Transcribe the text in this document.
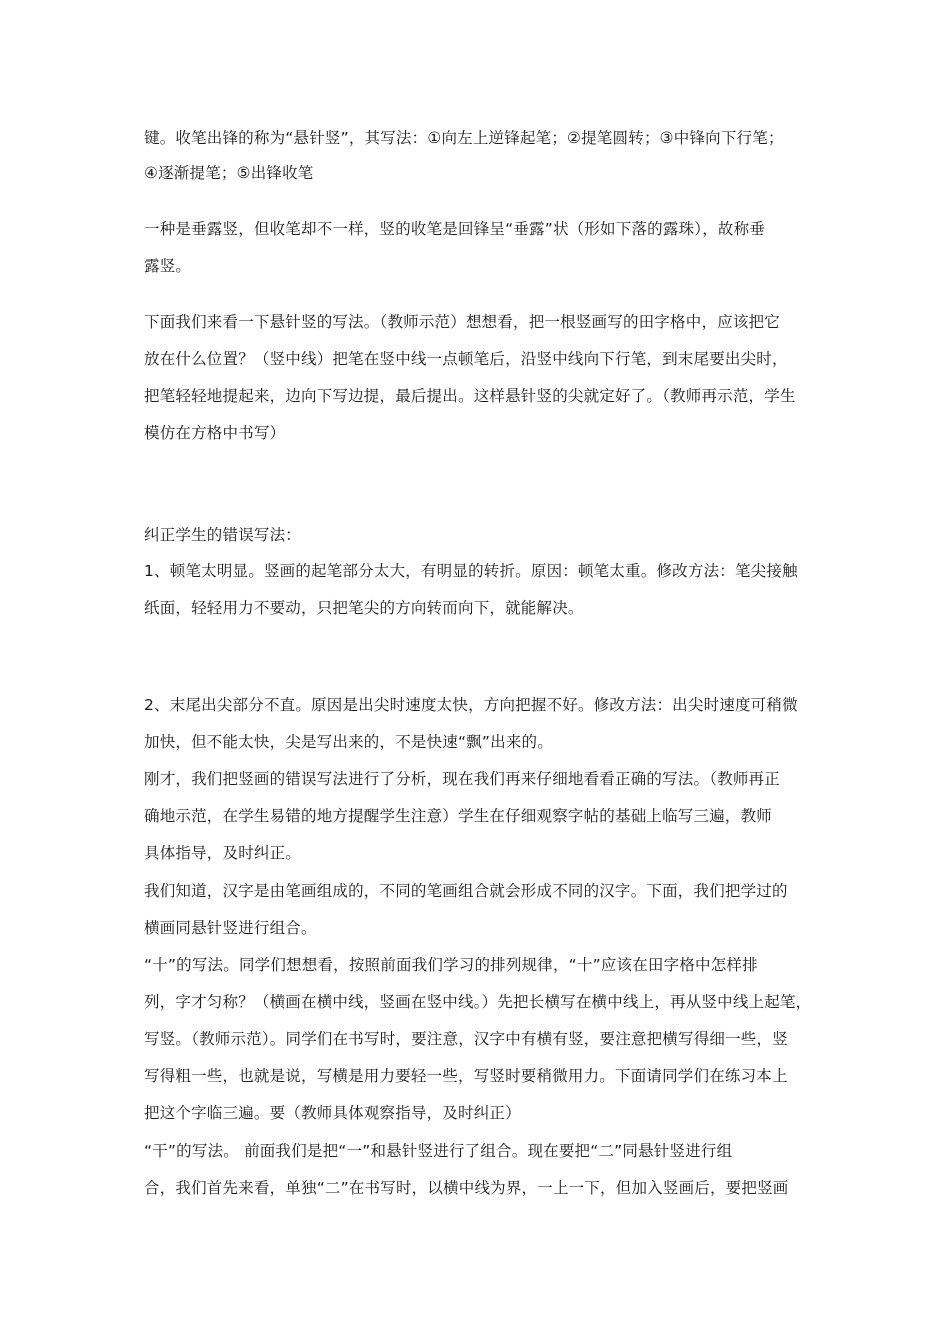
键。收笔出锋的称为“悬针竖”，其写法：①向左上逆锋起笔；②提笔圆转；③中锋向下行笔；
④逐渐提笔；⑤出锋收笔
一种是垂露竖，但收笔却不一样，竖的收笔是回锋呈“垂露”状（形如下落的露珠），故称垂
露竖。
下面我们来看一下悬针竖的写法。（教师示范）想想看，把一根竖画写的田字格中，应该把它
放在什么位置？（竖中线）把笔在竖中线一点顿笔后，沿竖中线向下行笔，到末尾要出尖时，
把笔轻轻地提起来，边向下写边提，最后提出。这样悬针竖的尖就定好了。（教师再示范，学生
模仿在方格中书写）
纠正学生的错误写法：
1、顿笔太明显。竖画的起笔部分太大，有明显的转折。原因：顿笔太重。修改方法：笔尖接触
纸面，轻轻用力不要动，只把笔尖的方向转而向下，就能解决。
2、末尾出尖部分不直。原因是出尖时速度太快，方向把握不好。修改方法：出尖时速度可稍微
加快，但不能太快，尖是写出来的，不是快速“飘”出来的。
刚才，我们把竖画的错误写法进行了分析，现在我们再来仔细地看看正确的写法。（教师再正
确地示范，在学生易错的地方提醒学生注意）学生在仔细观察字帖的基础上临写三遍，教师
具体指导，及时纠正。
我们知道，汉字是由笔画组成的，不同的笔画组合就会形成不同的汉字。下面，我们把学过的
横画同悬针竖进行组合。
“十”的写法。同学们想想看，按照前面我们学习的排列规律，“十”应该在田字格中怎样排
列，字才匀称？（横画在横中线，竖画在竖中线。）先把长横写在横中线上，再从竖中线上起笔，
写竖。（教师示范）。同学们在书写时，要注意，汉字中有横有竖，要注意把横写得细一些，竖
写得粗一些，也就是说，写横是用力要轻一些，写竖时要稍微用力。下面请同学们在练习本上
把这个字临三遍。要（教师具体观察指导，及时纠正）
“干”的写法。 前面我们是把“一”和悬针竖进行了组合。现在要把“二”同悬针竖进行组
合，我们首先来看，单独“二”在书写时，以横中线为界，一上一下，但加入竖画后，要把竖画
